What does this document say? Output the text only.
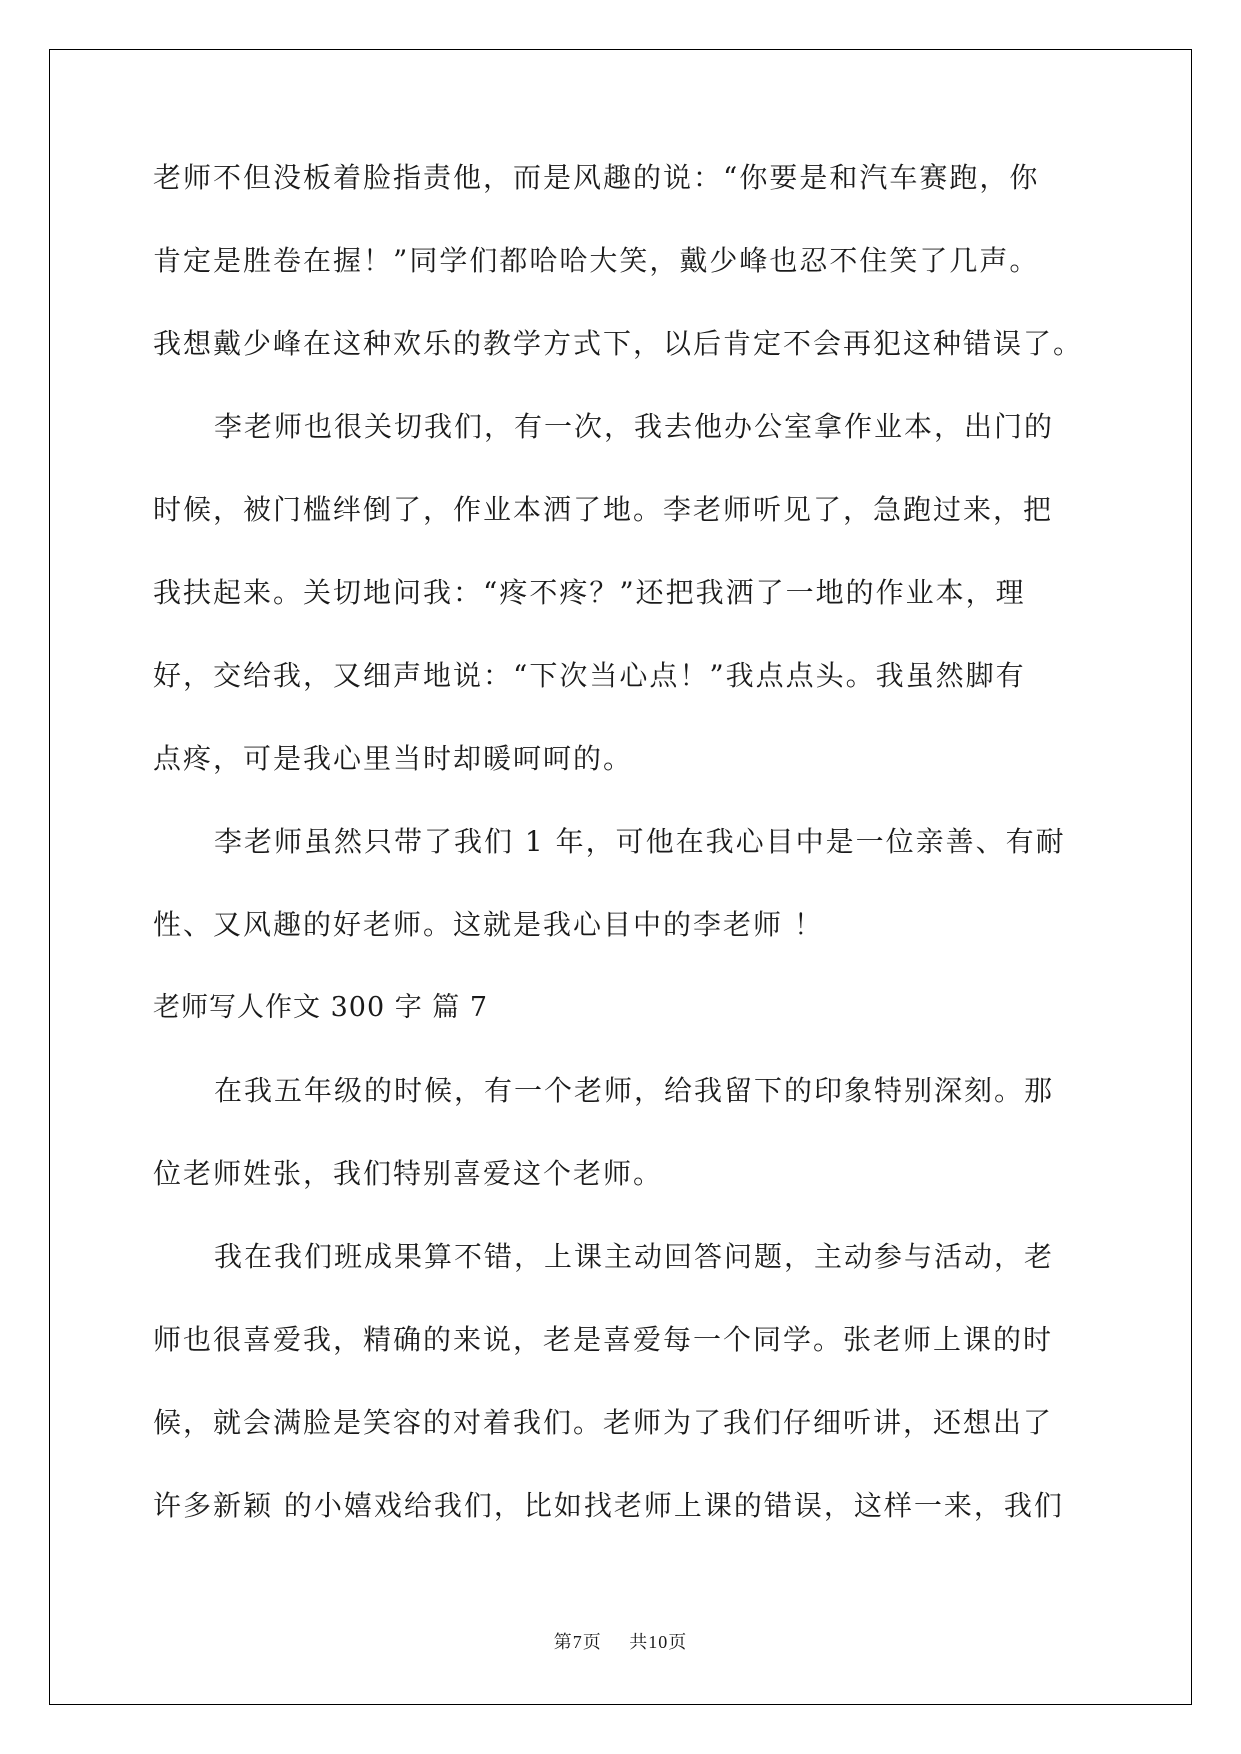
老师不但没板着脸指责他，而是风趣的说：“你要是和汽车赛跑，你
肯定是胜卷在握！”同学们都哈哈大笑，戴少峰也忍不住笑了几声。
我想戴少峰在这种欢乐的教学方式下，以后肯定不会再犯这种错误了。
李老师也很关切我们，有一次，我去他办公室拿作业本，出门的
时候，被门槛绊倒了，作业本洒了地。李老师听见了，急跑过来，把
我扶起来。关切地问我：“疼不疼？”还把我洒了一地的作业本，理
好，交给我，又细声地说：“下次当心点！”我点点头。我虽然脚有
点疼，可是我心里当时却暖呵呵的。
李老师虽然只带了我们 1 年，可他在我心目中是一位亲善、有耐
性、又风趣的好老师。这就是我心目中的李老师 ！
老师写人作文 300 字 篇 7
在我五年级的时候，有一个老师，给我留下的印象特别深刻。那
位老师姓张，我们特别喜爱这个老师。
我在我们班成果算不错，上课主动回答问题，主动参与活动，老
师也很喜爱我，精确的来说，老是喜爱每一个同学。张老师上课的时
候，就会满脸是笑容的对着我们。老师为了我们仔细听讲，还想出了
许多新颖 的小嬉戏给我们，比如找老师上课的错误，这样一来，我们
第7页 共10页
